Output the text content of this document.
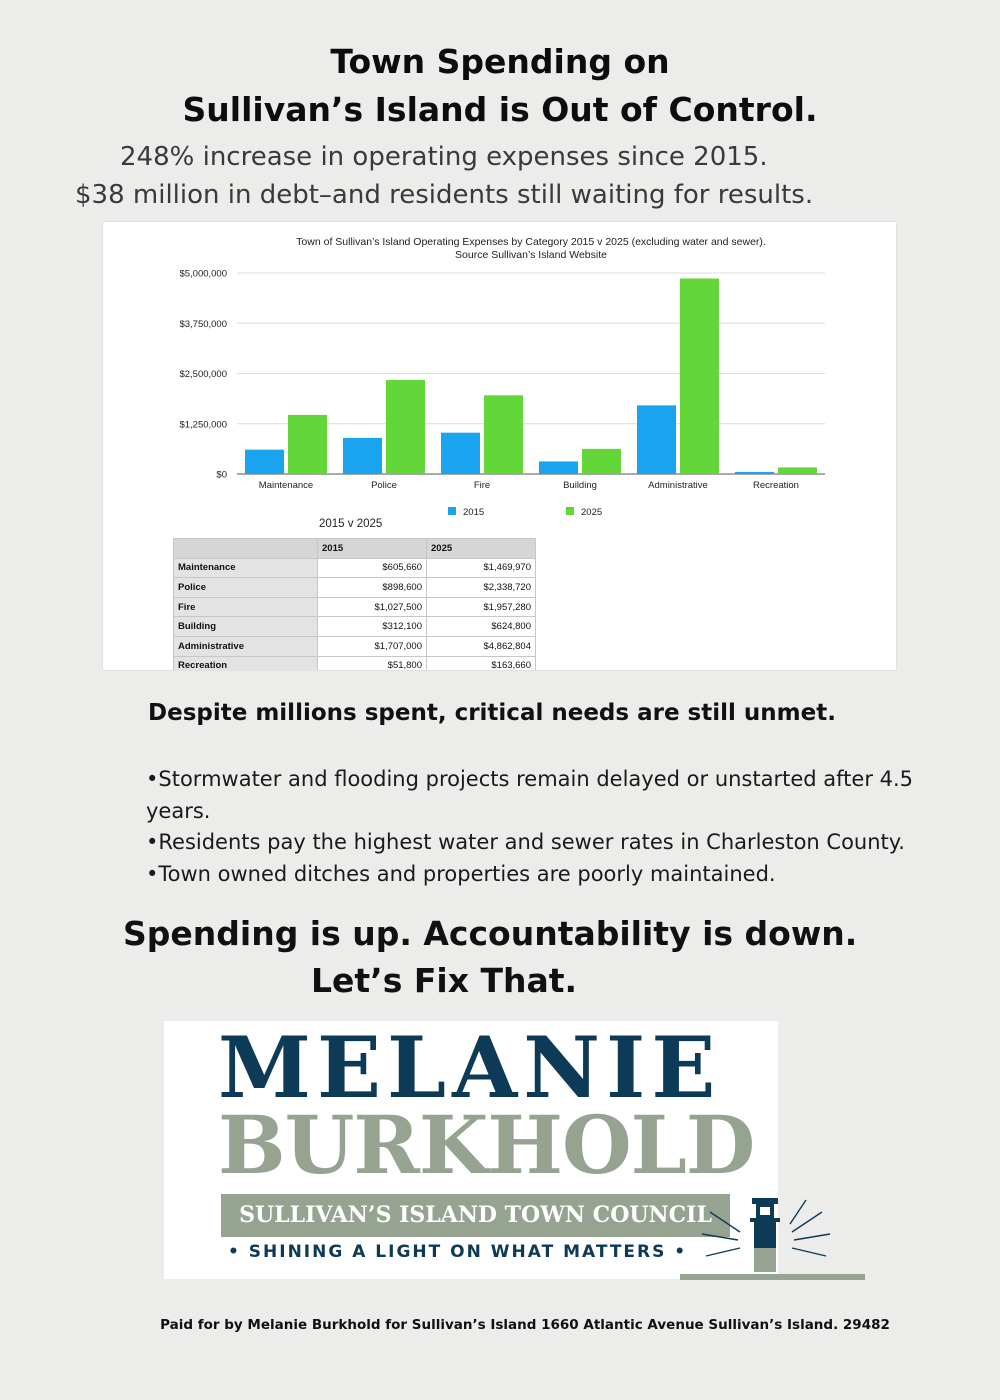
Town Spending on
Sullivan’s Island is Out of Control.
248% increase in operating expenses since 2015.
$38 million in debt–and residents still waiting for results.
Town of Sullivan’s Island Operating Expenses by Category 2015 v 2025 (excluding water and sewer).
Source Sullivan’s Island Website
$0
$1,250,000
$2,500,000
$3,750,000
$5,000,000
Maintenance	Police	Fire	Building	Administrative	Recreation
2015	2025
2015 v 2025
	2015	2025
Maintenance	$605,660	$1,469,970
Police	$898,600	$2,338,720
Fire	$1,027,500	$1,957,280
Building	$312,100	$624,800
Administrative	$1,707,000	$4,862,804
Recreation	$51,800	$163,660
Despite millions spent, critical needs are still unmet.
•Stormwater and flooding projects remain delayed or unstarted after 4.5 years.
•Residents pay the highest water and sewer rates in Charleston County.
•Town owned ditches and properties are poorly maintained.
Spending is up. Accountability is down.
Let’s Fix That.
MELANIE
BURKHOLD
SULLIVAN’S ISLAND TOWN COUNCIL
• SHINING A LIGHT ON WHAT MATTERS •
Paid for by Melanie Burkhold for Sullivan’s Island 1660 Atlantic Avenue Sullivan’s Island. 29482
